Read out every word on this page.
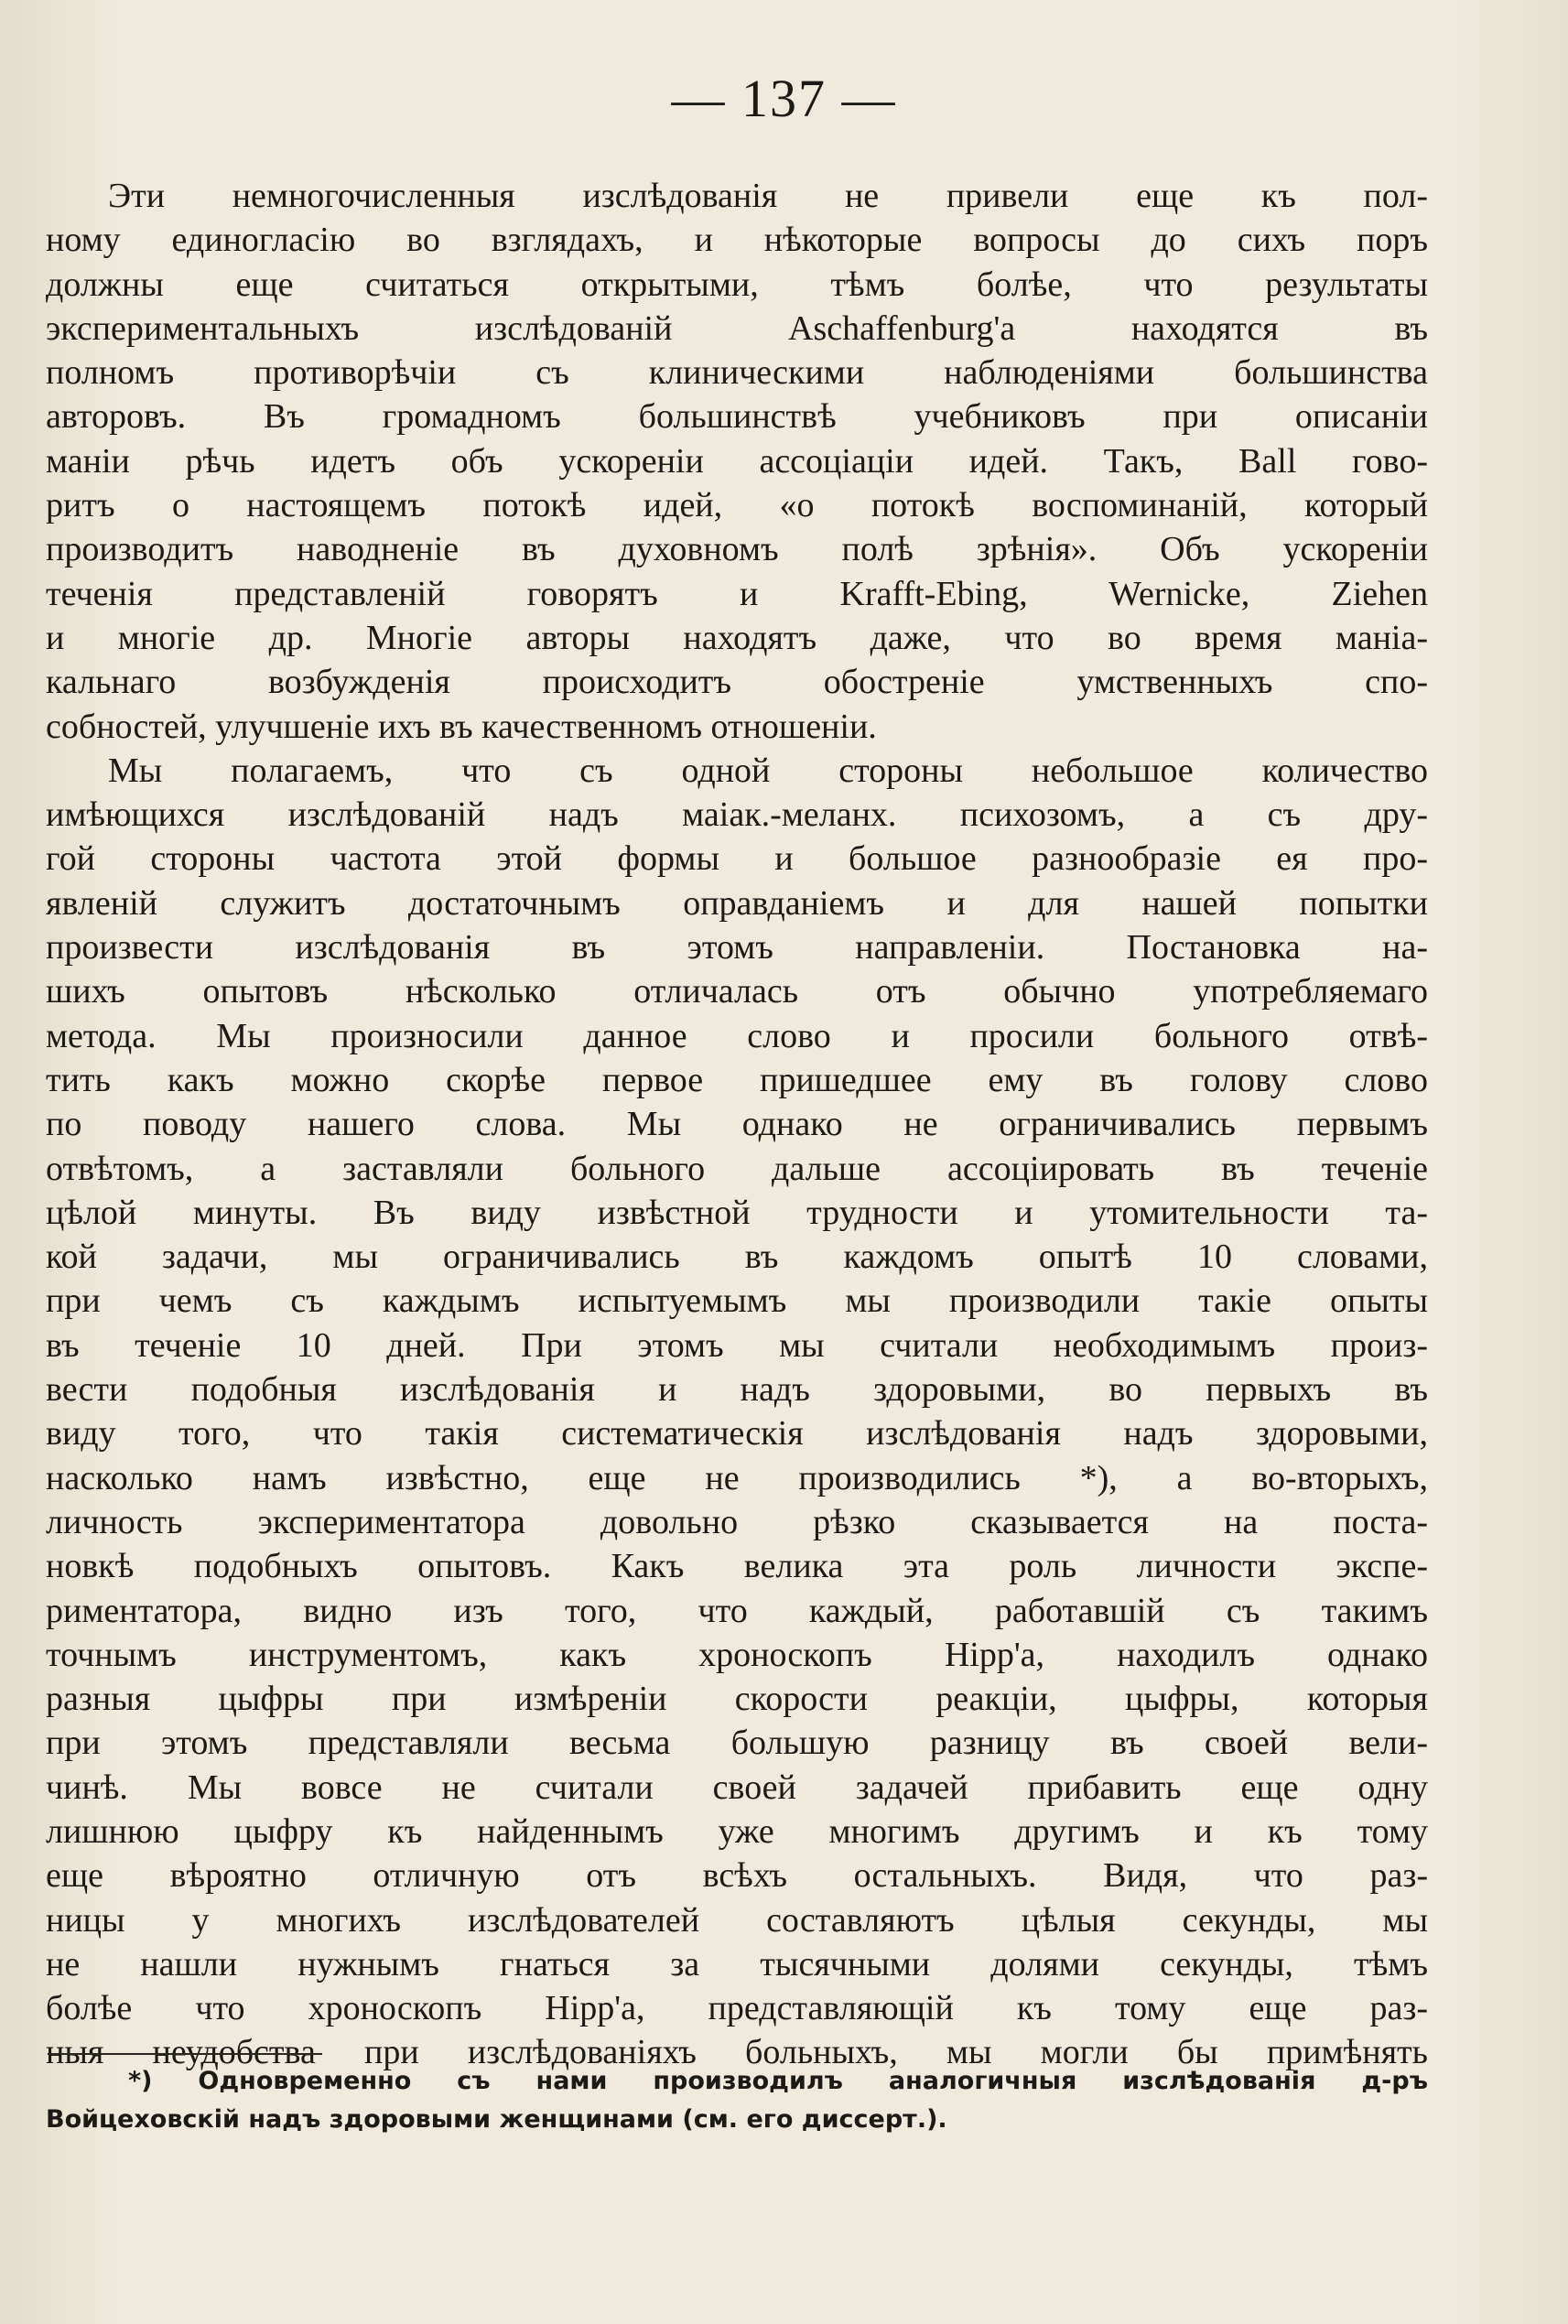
— 137 —
Эти немногочисленныя изслѣдованія не привели еще къ пол-
ному единогласію во взглядахъ, и нѣкоторые вопросы до сихъ поръ
должны еще считаться открытыми, тѣмъ болѣе, что результаты
экспериментальныхъ изслѣдованій Aschaffenburg'а находятся въ
полномъ противорѣчіи съ клиническими наблюденіями большинства
авторовъ. Въ громадномъ большинствѣ учебниковъ при описаніи
маніи рѣчь идетъ объ ускореніи ассоціаціи идей. Такъ, Ball гово-
ритъ о настоящемъ потокѣ идей, «о потокѣ воспоминаній, который
производитъ наводненіе въ духовномъ полѣ зрѣнія». Объ ускореніи
теченія представленій говорятъ и Krafft-Ebing, Wernicke, Ziehen
и многіе др. Многіе авторы находятъ даже, что во время маніа-
кальнаго возбужденія происходитъ обостреніе умственныхъ спо-
собностей, улучшеніе ихъ въ качественномъ отношеніи.
Мы полагаемъ, что съ одной стороны небольшое количество
имѣющихся изслѣдованій надъ маіак.-меланх. психозомъ, а съ дру-
гой стороны частота этой формы и большое разнообразіе ея про-
явленій служитъ достаточнымъ оправданіемъ и для нашей попытки
произвести изслѣдованія въ этомъ направленіи. Постановка на-
шихъ опытовъ нѣсколько отличалась отъ обычно употребляемаго
метода. Мы произносили данное слово и просили больного отвѣ-
тить какъ можно скорѣе первое пришедшее ему въ голову слово
по поводу нашего слова. Мы однако не ограничивались первымъ
отвѣтомъ, а заставляли больного дальше ассоціировать въ теченіе
цѣлой минуты. Въ виду извѣстной трудности и утомительности та-
кой задачи, мы ограничивались въ каждомъ опытѣ 10 словами,
при чемъ съ каждымъ испытуемымъ мы производили такіе опыты
въ теченіе 10 дней. При этомъ мы считали необходимымъ произ-
вести подобныя изслѣдованія и надъ здоровыми, во первыхъ въ
виду того, что такія систематическія изслѣдованія надъ здоровыми,
насколько намъ извѣстно, еще не производились *), а во-вторыхъ,
личность экспериментатора довольно рѣзко сказывается на поста-
новкѣ подобныхъ опытовъ. Какъ велика эта роль личности экспе-
риментатора, видно изъ того, что каждый, работавшій съ такимъ
точнымъ инструментомъ, какъ хроноскопъ Hipp'а, находилъ однако
разныя цыфры при измѣреніи скорости реакціи, цыфры, которыя
при этомъ представляли весьма большую разницу въ своей вели-
чинѣ. Мы вовсе не считали своей задачей прибавить еще одну
лишнюю цыфру къ найденнымъ уже многимъ другимъ и къ тому
еще вѣроятно отличную отъ всѣхъ остальныхъ. Видя, что раз-
ницы у многихъ изслѣдователей составляютъ цѣлыя секунды, мы
не нашли нужнымъ гнаться за тысячными долями секунды, тѣмъ
болѣе что хроноскопъ Hipp'а, представляющій къ тому еще раз-
ныя неудобства при изслѣдованіяхъ больныхъ, мы могли бы примѣнять
*) Одновременно съ нами производилъ аналогичныя изслѣдованія д-ръ
Войцеховскій надъ здоровыми женщинами (см. его диссерт.).
